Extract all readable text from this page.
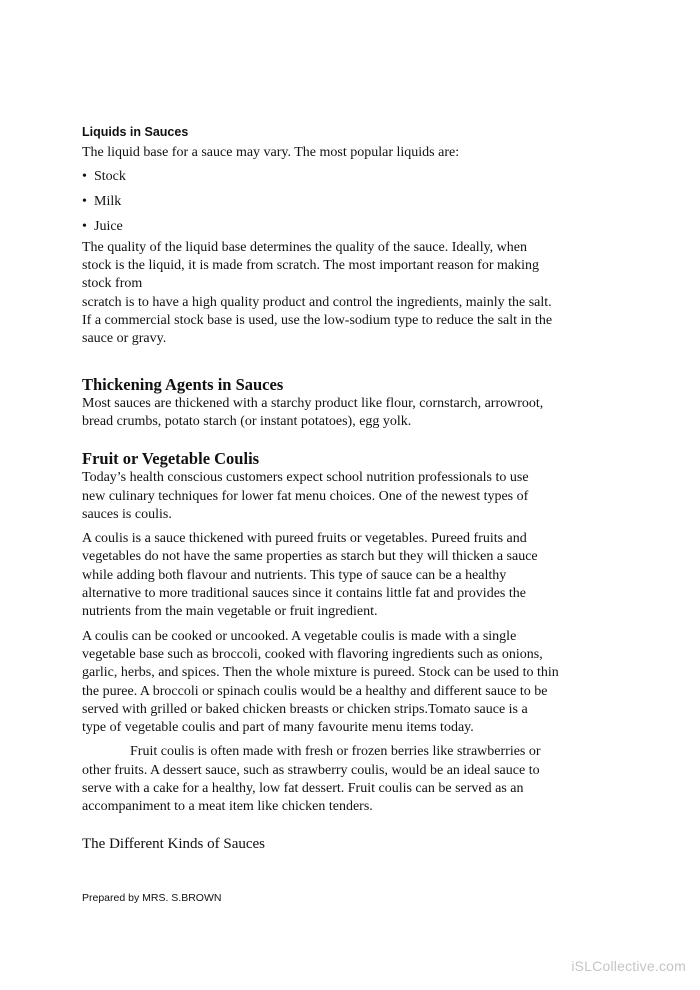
Liquids in Sauces

The liquid base for a sauce may vary. The most popular liquids are:

• Stock
• Milk
• Juice

The quality of the liquid base determines the quality of the sauce. Ideally, when
stock is the liquid, it is made from scratch. The most important reason for making
stock from
scratch is to have a high quality product and control the ingredients, mainly the salt.
If a commercial stock base is used, use the low-sodium type to reduce the salt in the
sauce or gravy.

Thickening Agents in Sauces

Most sauces are thickened with a starchy product like flour, cornstarch, arrowroot,
bread crumbs, potato starch (or instant potatoes), egg yolk.

Fruit or Vegetable Coulis

Today’s health conscious customers expect school nutrition professionals to use
new culinary techniques for lower fat menu choices. One of the newest types of
sauces is coulis.

A coulis is a sauce thickened with pureed fruits or vegetables. Pureed fruits and
vegetables do not have the same properties as starch but they will thicken a sauce
while adding both flavour and nutrients. This type of sauce can be a healthy
alternative to more traditional sauces since it contains little fat and provides the
nutrients from the main vegetable or fruit ingredient.

A coulis can be cooked or uncooked. A vegetable coulis is made with a single
vegetable base such as broccoli, cooked with flavoring ingredients such as onions,
garlic, herbs, and spices. Then the whole mixture is pureed. Stock can be used to thin
the puree. A broccoli or spinach coulis would be a healthy and different sauce to be
served with grilled or baked chicken breasts or chicken strips.Tomato sauce is a
type of vegetable coulis and part of many favourite menu items today.

Fruit coulis is often made with fresh or frozen berries like strawberries or
other fruits. A dessert sauce, such as strawberry coulis, would be an ideal sauce to
serve with a cake for a healthy, low fat dessert. Fruit coulis can be served as an
accompaniment to a meat item like chicken tenders.

The Different Kinds of Sauces
Prepared by MRS. S.BROWN
iSLCollective.com
